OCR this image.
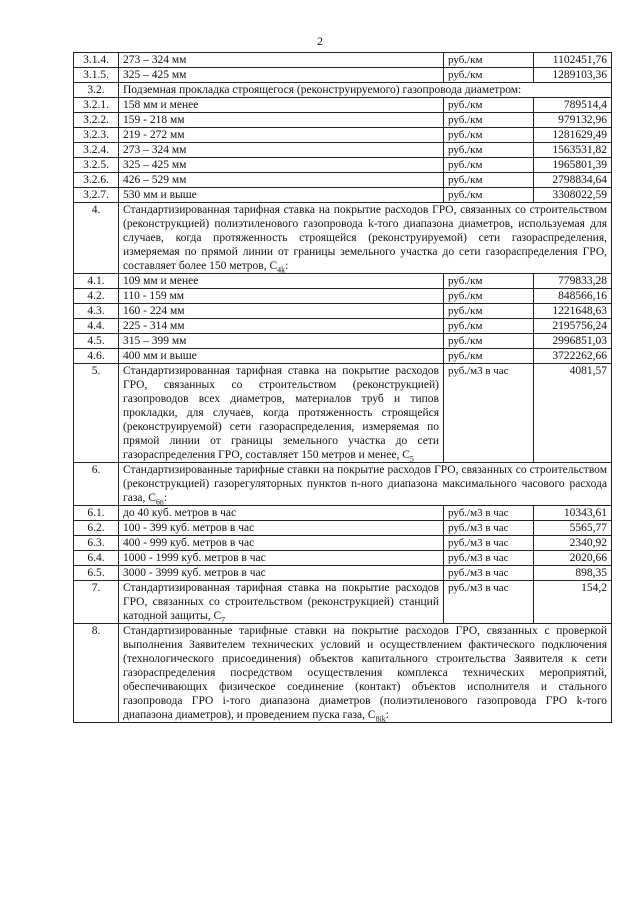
2
3.1.4.	273 – 324 мм	руб./км	1102451,76
3.1.5.	325 – 425 мм	руб./км	1289103,36
3.2.	Подземная прокладка строящегося (реконструируемого) газопровода диаметром:		
3.2.1.	158 мм и менее	руб./км	789514,4
3.2.2.	159 - 218 мм	руб./км	979132,96
3.2.3.	219 - 272 мм	руб./км	1281629,49
3.2.4.	273 – 324 мм	руб./км	1563531,82
3.2.5.	325 – 425 мм	руб./км	1965801,39
3.2.6.	426 – 529 мм	руб./км	2798834,64
3.2.7.	530 мм и выше	руб./км	3308022,59
4.	Стандартизированная тарифная ставка на покрытие расходов ГРО, связанных со строительством (реконструкцией) полиэтиленового газопровода k-того диапазона диаметров, используемая для случаев, когда протяженность строящейся (реконструируемой) сети газораспределения, измеряемая по прямой линии от границы земельного участка до сети газораспределения ГРО, составляет более 150 метров, $С_{4k}$:		
4.1.	109 мм и менее	руб./км	779833,28
4.2.	110 - 159 мм	руб./км	848566,16
4.3.	160 - 224 мм	руб./км	1221648,63
4.4.	225 - 314 мм	руб./км	2195756,24
4.5.	315 – 399 мм	руб./км	2996851,03
4.6.	400 мм и выше	руб./км	3722262,66
5.	Стандартизированная тарифная ставка на покрытие расходов ГРО, связанных со строительством (реконструкцией) газопроводов всех диаметров, материалов труб и типов прокладки, для случаев, когда протяженность строящейся (реконструируемой) сети газораспределения, измеряемая по прямой линии от границы земельного участка до сети газораспределения ГРО, составляет 150 метров и менее, $С_5$	руб./м3 в час	4081,57
6.	Стандартизированные тарифные ставки на покрытие расходов ГРО, связанных со строительством (реконструкцией) газорегуляторных пунктов n-ного диапазона максимального часового расхода газа, $С_{6n}$:		
6.1.	до 40 куб. метров в час	руб./м3 в час	10343,61
6.2.	100 - 399 куб. метров в час	руб./м3 в час	5565,77
6.3.	400 - 999 куб. метров в час	руб./м3 в час	2340,92
6.4.	1000 - 1999 куб. метров в час	руб./м3 в час	2020,66
6.5.	3000 - 3999 куб. метров в час	руб./м3 в час	898,35
7.	Стандартизированная тарифная ставка на покрытие расходов ГРО, связанных со строительством (реконструкцией) станций катодной защиты, $С_7$	руб./м3 в час	154,2
8.	Стандартизированные тарифные ставки на покрытие расходов ГРО, связанных с проверкой выполнения Заявителем технических условий и осуществлением фактического подключения (технологического присоединения) объектов капитального строительства Заявителя к сети газораспределения посредством осуществления комплекса технических мероприятий, обеспечивающих физическое соединение (контакт) объектов исполнителя и стального газопровода ГРО i-того диапазона диаметров (полиэтиленового газопровода ГРО k-того диапазона диаметров), и проведением пуска газа, $С_{8ik}$:		
